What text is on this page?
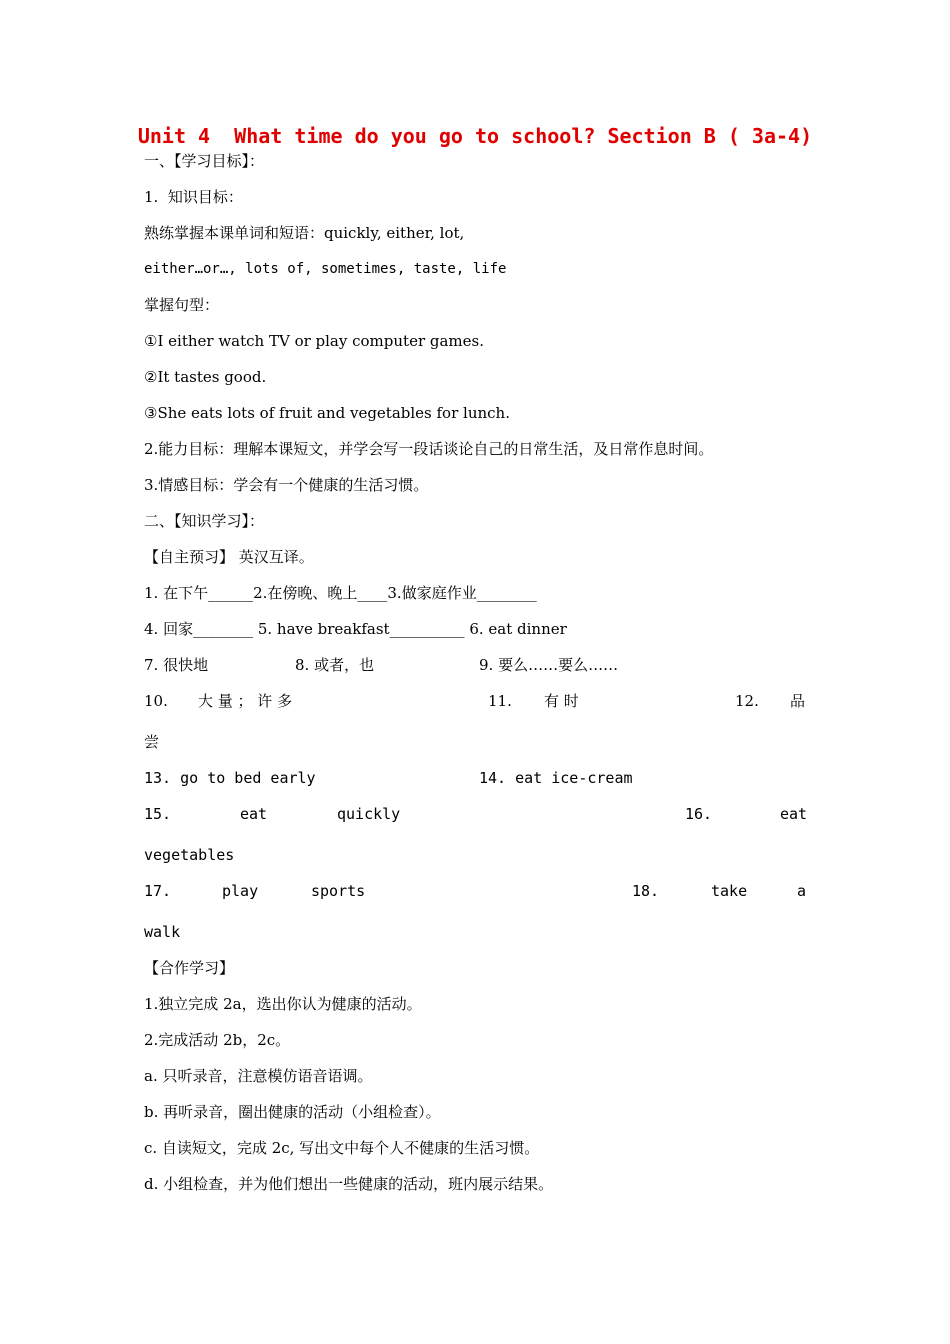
Unit 4  What time do you go to school? Section B ( 3a-4)
一、【学习目标】：
1.  知识目标：
熟练掌握本课单词和短语：quickly, either, lot,
either…or…, lots of, sometimes, taste, life
掌握句型：
①I either watch TV or play computer games.
②It tastes good.
③She eats lots of fruit and vegetables for lunch.
2.能力目标：理解本课短文，并学会写一段话谈论自己的日常生活，及日常作息时间。
3.情感目标：学会有一个健康的生活习惯。
二、【知识学习】：
【自主预习】 英汉互译。
1. 在下午______2.在傍晚、晚上____3.做家庭作业________
4. 回家________ 5. have breakfast__________ 6. eat dinner
7. 很快地	8. 或者，也	9. 要么……要么……
10. 大 量 ； 许 多	11. 有 时	12. 品
尝
13. go to bed early	14. eat ice-cream
15.	eat	quickly	16.	eat
vegetables
17.	play	sports	18.	take	a
walk
【合作学习】
1.独立完成 2a，选出你认为健康的活动。
2.完成活动 2b，2c。
a. 只听录音，注意模仿语音语调。
b. 再听录音，圈出健康的活动（小组检查）。
c. 自读短文，完成 2c, 写出文中每个人不健康的生活习惯。
d. 小组检查，并为他们想出一些健康的活动，班内展示结果。
